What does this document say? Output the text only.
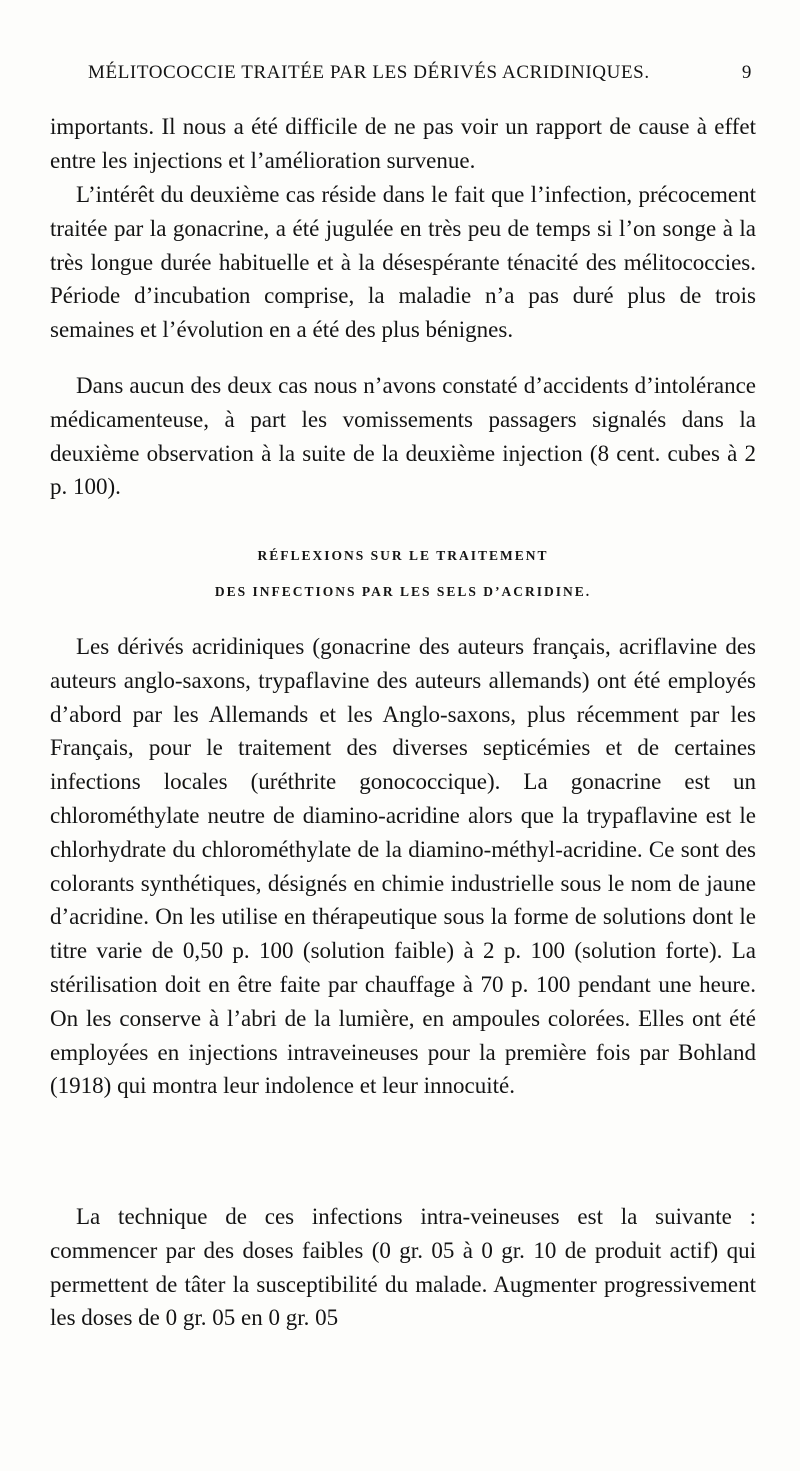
MÉLITOCOCCIE TRAITÉE PAR LES DÉRIVÉS ACRIDINIQUES.	9

importants. Il nous a été difficile de ne pas voir un rapport de cause à effet entre les injections et l’amélioration survenue.

L’intérêt du deuxième cas réside dans le fait que l’infection, précocement traitée par la gonacrine, a été jugulée en très peu de temps si l’on songe à la très longue durée habituelle et à la désespérante ténacité des mélitococcies. Période d’incubation comprise, la maladie n’a pas duré plus de trois semaines et l’évolution en a été des plus bénignes.

Dans aucun des deux cas nous n’avons constaté d’accidents d’intolérance médicamenteuse, à part les vomissements passagers signalés dans la deuxième observation à la suite de la deuxième injection (8 cent. cubes à 2 p. 100).

RÉFLEXIONS SUR LE TRAITEMENT
DES INFECTIONS PAR LES SELS D’ACRIDINE.

Les dérivés acridiniques (gonacrine des auteurs français, acriflavine des auteurs anglo-saxons, trypaflavine des auteurs allemands) ont été employés d’abord par les Allemands et les Anglo-saxons, plus récemment par les Français, pour le traitement des diverses septicémies et de certaines infections locales (uréthrite gonococcique). La gonacrine est un chlorométhylate neutre de diamino-acridine alors que la trypaflavine est le chlorhydrate du chlorométhylate de la diamino-méthyl-acridine. Ce sont des colorants synthétiques, désignés en chimie industrielle sous le nom de jaune d’acridine. On les utilise en thérapeutique sous la forme de solutions dont le titre varie de 0,50 p. 100 (solution faible) à 2 p. 100 (solution forte). La stérilisation doit en être faite par chauffage à 70 p. 100 pendant une heure. On les conserve à l’abri de la lumière, en ampoules colorées. Elles ont été employées en injections intraveineuses pour la première fois par Bohland (1918) qui montra leur indolence et leur innocuité.

La technique de ces infections intra-veineuses est la suivante : commencer par des doses faibles (0 gr. 05 à 0 gr. 10 de produit actif) qui permettent de tâter la susceptibilité du malade. Augmenter progressivement les doses de 0 gr. 05 en 0 gr. 05
